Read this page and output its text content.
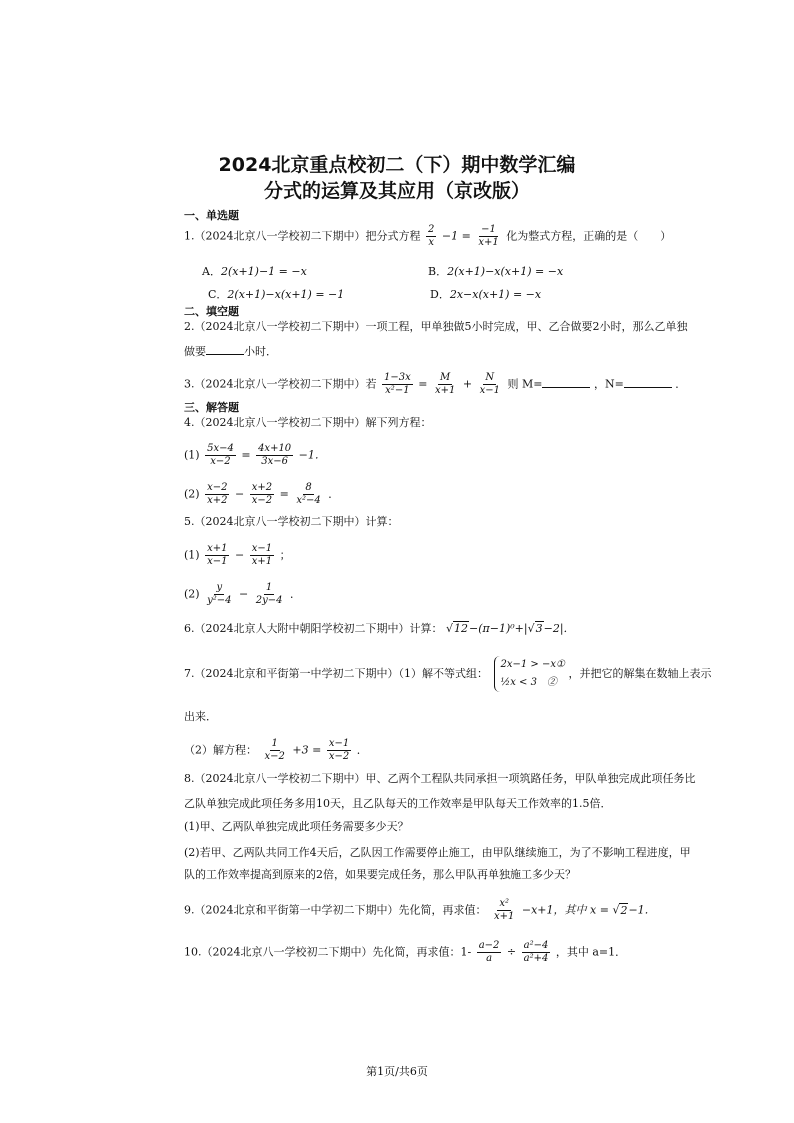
2024北京重点校初二（下）期中数学汇编
分式的运算及其应用（京改版）
一、单选题
1.（2024北京八一学校初二下期中）把分式方程 $\frac{2}{x} -1 = \frac{-1}{x+1}$ 化为整式方程，正确的是（　　）
A．2(x+1)−1 = −x	B．2(x+1)−x(x+1) = −x
C．2(x+1)−x(x+1) = −1	D．2x−x(x+1) = −x
二、填空题
2.（2024北京八一学校初二下期中）一项工程，甲单独做5小时完成，甲、乙合做要2小时，那么乙单独
做要	小时．
3.（2024北京八一学校初二下期中）若 $\frac{1-3x}{\text{x²−1}} = \frac{M}{x+1} + \frac{N}{x-1}$ 则 M=	，N=	．
三、解答题
4.（2024北京八一学校初二下期中）解下列方程：
$(1) \frac{5x-4}{x-2} = \frac{4x+10}{3x-6} -1$．
$(2) \frac{x-2}{x+2} - \frac{x+2}{x-2} = \frac{8}{\text{x²−4}}$ ．
5.（2024北京八一学校初二下期中）计算：
$(1) \frac{x+1}{x-1} - \frac{x-1}{x+1}$ ；
$(2) \frac{y}{\text{y²−4}} - \frac{1}{2y-4}$ ．
6.（2024北京人大附中朝阳学校初二下期中）计算： √12−(π−1)⁰+|√3−2|．
7.（2024北京和平街第一中学初二下期中）（1）解不等式组： 2x−1 > −x①
½x < 3　② ，并把它的解集在数轴上表示
出来．
（2）解方程： $\frac{1}{x-2} +3 = \frac{x-1}{x-2}$ ．
8.（2024北京八一学校初二下期中）甲、乙两个工程队共同承担一项筑路任务，甲队单独完成此项任务比
乙队单独完成此项任务多用10天，且乙队每天的工作效率是甲队每天工作效率的1.5倍．
(1)甲、乙两队单独完成此项任务需要多少天？
(2)若甲、乙两队共同工作4天后，乙队因工作需要停止施工，由甲队继续施工，为了不影响工程进度，甲
队的工作效率提高到原来的2倍，如果要完成任务，那么甲队再单独施工多少天？
9.（2024北京和平街第一中学初二下期中）先化简，再求值： $\frac{\text{x²}}{x+1} -x+1$，其中 x = √2−1．
10.（2024北京八一学校初二下期中）先化简，再求值：$1- \frac{a-2}{a} \div \frac{\text{a²−4}}{\text{a²+4}}$ ，其中 a=1．
第1页/共6页
